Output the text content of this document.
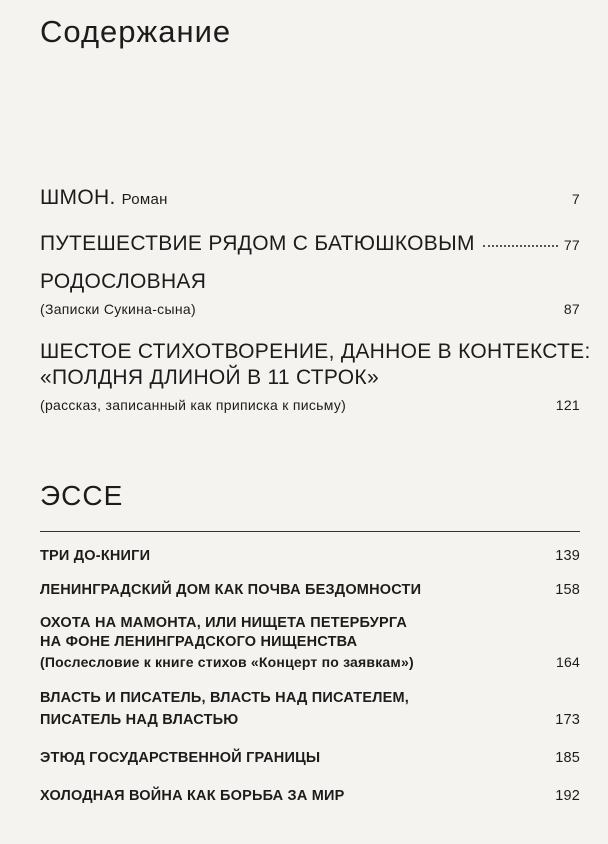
Содержание
ШМОН. Роман	7
ПУТЕШЕСТВИЕ РЯДОМ С БАТЮШКОВЫМ	77
РОДОСЛОВНАЯ
(Записки Сукина-сына)	87
ШЕСТОЕ СТИХОТВОРЕНИЕ, ДАННОЕ В КОНТЕКСТЕ:
«ПОЛДНЯ ДЛИНОЙ В 11 СТРОК»
(рассказ, записанный как приписка к письму)	121
ЭССЕ
ТРИ ДО-КНИГИ	139
ЛЕНИНГРАДСКИЙ ДОМ КАК ПОЧВА БЕЗДОМНОСТИ	158
ОХОТА НА МАМОНТА, ИЛИ НИЩЕТА ПЕТЕРБУРГА
НА ФОНЕ ЛЕНИНГРАДСКОГО НИЩЕНСТВА
(Послесловие к книге стихов «Концерт по заявкам»)	164
ВЛАСТЬ И ПИСАТЕЛЬ, ВЛАСТЬ НАД ПИСАТЕЛЕМ,
ПИСАТЕЛЬ НАД ВЛАСТЬЮ	173
ЭТЮД ГОСУДАРСТВЕННОЙ ГРАНИЦЫ	185
ХОЛОДНАЯ ВОЙНА КАК БОРЬБА ЗА МИР	192
